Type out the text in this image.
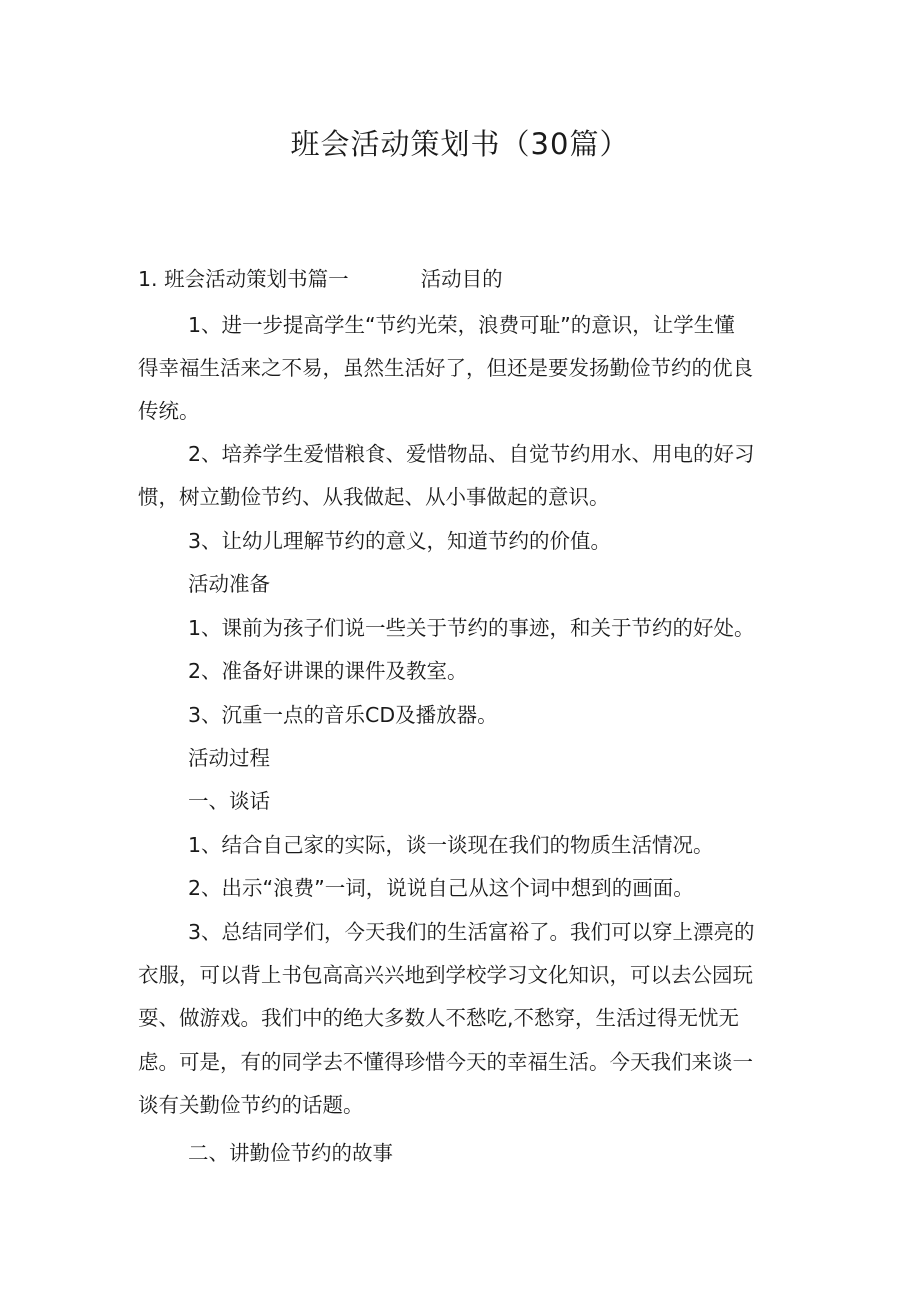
班会活动策划书（30篇）
1. 班会活动策划书篇一	活动目的
1、进一步提高学生“节约光荣，浪费可耻”的意识，让学生懂
得幸福生活来之不易，虽然生活好了，但还是要发扬勤俭节约的优良
传统。
2、培养学生爱惜粮食、爱惜物品、自觉节约用水、用电的好习
惯，树立勤俭节约、从我做起、从小事做起的意识。
3、让幼儿理解节约的意义，知道节约的价值。
活动准备
1、课前为孩子们说一些关于节约的事迹，和关于节约的好处。
2、准备好讲课的课件及教室。
3、沉重一点的音乐CD及播放器。
活动过程
一、谈话
1、结合自己家的实际，谈一谈现在我们的物质生活情况。
2、出示“浪费”一词，说说自己从这个词中想到的画面。
3、总结同学们，今天我们的生活富裕了。我们可以穿上漂亮的
衣服，可以背上书包高高兴兴地到学校学习文化知识，可以去公园玩
耍、做游戏。我们中的绝大多数人不愁吃,不愁穿，生活过得无忧无
虑。可是，有的同学去不懂得珍惜今天的幸福生活。今天我们来谈一
谈有关勤俭节约的话题。
二、讲勤俭节约的故事
